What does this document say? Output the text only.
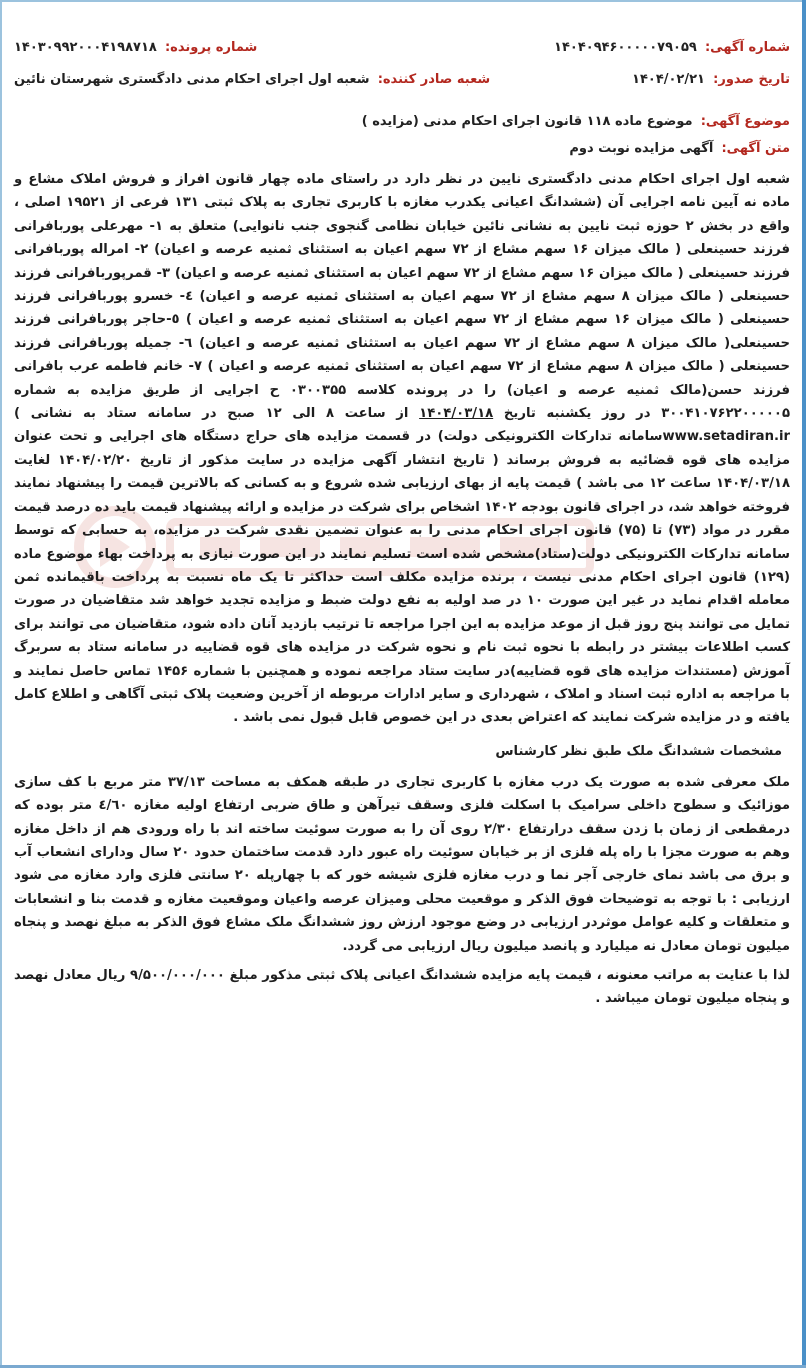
شماره آگهی: ۱۴۰۴۰۹۴۶۰۰۰۰۰۷۹۰۵۹
شماره پرونده: ۱۴۰۳۰۹۹۲۰۰۰۴۱۹۸۷۱۸
تاریخ صدور: ۱۴۰۴/۰۲/۲۱
شعبه صادر کننده: شعبه اول اجرای احکام مدنی دادگستری شهرستان نائین
موضوع آگهی: موضوع ماده ۱۱۸ قانون اجرای احکام مدنی (مزایده )
متن آگهی: آگهی مزایده نوبت دوم

شعبه اول اجرای احکام مدنی دادگستری نایین در نظر دارد در راستای ماده چهار قانون افراز و فروش املاک مشاع و ماده نه آیین نامه اجرایی آن (ششدانگ اعیانی یکدرب مغازه با کاربری تجاری به پلاک ثبتی ۱۳۱ فرعی از ۱۹۵۲۱ اصلی ، واقع در بخش ۲ حوزه ثبت نایین به نشانی نائین خیابان نظامی گنجوی جنب نانوایی) متعلق به ۱- مهرعلی پوربافرانی فرزند حسینعلی ( مالک میزان ۱۶ سهم مشاع از ۷۲ سهم اعیان به استثنای ثمنیه عرصه و اعیان) ۲- امراله پوربافرانی فرزند حسینعلی ( مالک میزان ۱۶ سهم مشاع از ۷۲ سهم اعیان به استثنای ثمنیه عرصه و اعیان) ۳- قمرپوربافرانی فرزند حسینعلی ( مالک میزان ۸ سهم مشاع از ۷۲ سهم اعیان به استثنای ثمنیه عرصه و اعیان) ٤- خسرو پوربافرانی فرزند حسینعلی ( مالک میزان ۱۶ سهم مشاع از ۷۲ سهم اعیان به استثنای ثمنیه عرصه و اعیان ) ٥-حاجر پوربافرانی فرزند حسینعلی( مالک میزان ۸ سهم مشاع از ۷۲ سهم اعیان به استثنای ثمنیه عرصه و اعیان) ٦- جمیله پوربافرانی فرزند حسینعلی ( مالک میزان ۸ سهم مشاع از ۷۲ سهم اعیان به استثنای ثمنیه عرصه و اعیان ) ۷- خانم فاطمه عرب بافرانی فرزند حسن(مالک ثمنیه عرصه و اعیان) را در پرونده کلاسه ۰۳۰۰۳۵۵ ح اجرایی از طریق مزایده به شماره ۳۰۰۴۱۰۷۶۲۲۰۰۰۰۰۵ در روز یکشنبه تاریخ ۱۴۰۴/۰۳/۱۸ از ساعت ۸ الی ۱۲ صبح در سامانه ستاد به نشانی ) www.setadiran.irسامانه تدارکات الکترونیکی دولت) در قسمت مزایده های حراج دستگاه های اجرایی و تحت عنوان مزایده های قوه قضائیه به فروش برساند ( تاریخ انتشار آگهی مزایده در سایت مذکور از تاریخ ۱۴۰۴/۰۲/۲۰ لغایت ۱۴۰۴/۰۳/۱۸ ساعت ۱۲ می باشد ) قیمت پایه از بهای ارزیابی شده شروع و به کسانی که بالاترین قیمت را پیشنهاد نمایند فروخته خواهد شد، در اجرای قانون بودجه ۱۴۰۲ اشخاص برای شرکت در مزایده و ارائه پیشنهاد قیمت باید ده درصد قیمت مقرر در مواد (۷۳) تا (۷۵) قانون اجرای احکام مدنی را به عنوان تضمین نقدی شرکت در مزایده، به حسابی که توسط سامانه تدارکات الکترونیکی دولت(ستاد)مشخص شده است تسلیم نمایند در این صورت نیازی به پرداخت بهاء موضوع ماده (۱۲۹) قانون اجرای احکام مدنی نیست ، برنده مزایده مکلف است حداکثر تا یک ماه نسبت به پرداخت باقیمانده ثمن معامله اقدام نماید در غیر این صورت ۱۰ در صد اولیه به نفع دولت ضبط و مزایده تجدید خواهد شد متقاضیان در صورت تمایل می توانند پنج روز قبل از موعد مزایده به این اجرا مراجعه تا ترتیب بازدید آنان داده شود، متقاضیان می توانند برای کسب اطلاعات بیشتر در رابطه با نحوه ثبت نام و نحوه شرکت در مزایده های قوه قضاییه در سامانه ستاد به سربرگ آموزش (مستندات مزایده های قوه قضاییه)در سایت ستاد مراجعه نموده و همچنین با شماره ۱۴۵۶ تماس حاصل نمایند و با مراجعه به اداره ثبت اسناد و املاک ، شهرداری و سایر ادارات مربوطه از آخرین وضعیت پلاک ثبتی آگاهی و اطلاع کامل یافته و در مزایده شرکت نمایند که اعتراض بعدی در این خصوص قابل قبول نمی باشد .

مشخصات ششدانگ ملک طبق نظر کارشناس

ملک معرفی شده به صورت یک درب مغازه با کاربری تجاری در طبقه همکف به مساحت ۳۷/۱۳ متر مربع با کف سازی موزائیک و سطوح داخلی سرامیک با اسکلت فلزی وسقف تیرآهن و طاق ضربی ارتفاع اولیه مغازه ٤/٦٠ متر بوده که درمقطعی از زمان با زدن سقف درارتفاع ۲/۳۰ روی آن را به صورت سوئیت ساخته اند با راه ورودی هم از داخل مغازه وهم به صورت مجزا با راه پله فلزی از بر خیابان سوئیت راه عبور دارد قدمت ساختمان حدود ۲۰ سال ودارای انشعاب آب و برق می باشد نمای خارجی آجر نما و درب مغازه فلزی شیشه خور که با چهارپله ۲۰ سانتی فلزی وارد مغازه می شود ارزیابی : با توجه به توضیحات فوق الذکر و موقعیت محلی ومیزان عرصه واعیان وموقعیت مغازه و قدمت بنا و انشعابات و متعلقات و کلیه عوامل موثردر ارزیابی در وضع موجود ارزش روز ششدانگ ملک مشاع فوق الذکر به مبلغ نهصد و پنجاه میلیون تومان معادل نه میلیارد و پانصد میلیون ریال ارزیابی می گردد.

لذا با عنایت به مراتب معنونه ، قیمت پایه مزایده ششدانگ اعیانی پلاک ثبتی مذکور مبلغ ۹/۵۰۰/۰۰۰/۰۰۰ ریال معادل نهصد و پنجاه میلیون تومان میباشد .
